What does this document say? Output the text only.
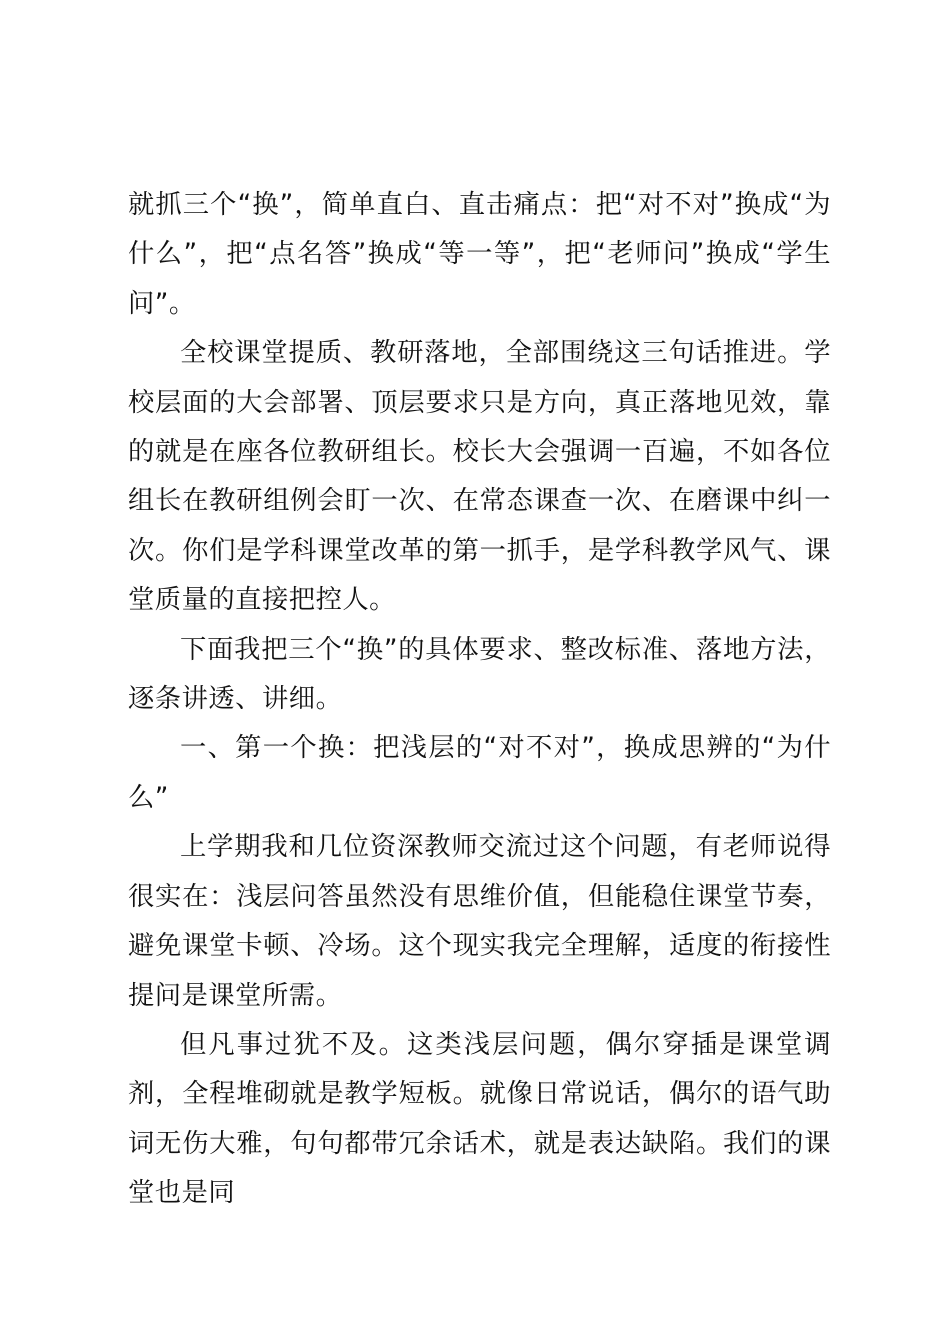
就抓三个“换”，简单直白、直击痛点：把“对不对”换成“为什么”，把“点名答”换成“等一等”，把“老师问”换成“学生问”。

全校课堂提质、教研落地，全部围绕这三句话推进。学校层面的大会部署、顶层要求只是方向，真正落地见效，靠的就是在座各位教研组长。校长大会强调一百遍，不如各位组长在教研组例会盯一次、在常态课查一次、在磨课中纠一次。你们是学科课堂改革的第一抓手，是学科教学风气、课堂质量的直接把控人。

下面我把三个“换”的具体要求、整改标准、落地方法，逐条讲透、讲细。

一、第一个换：把浅层的“对不对”，换成思辨的“为什么”

上学期我和几位资深教师交流过这个问题，有老师说得很实在：浅层问答虽然没有思维价值，但能稳住课堂节奏，避免课堂卡顿、冷场。这个现实我完全理解，适度的衔接性提问是课堂所需。

但凡事过犹不及。这类浅层问题，偶尔穿插是课堂调剂，全程堆砌就是教学短板。就像日常说话，偶尔的语气助词无伤大雅，句句都带冗余话术，就是表达缺陷。我们的课堂也是同
